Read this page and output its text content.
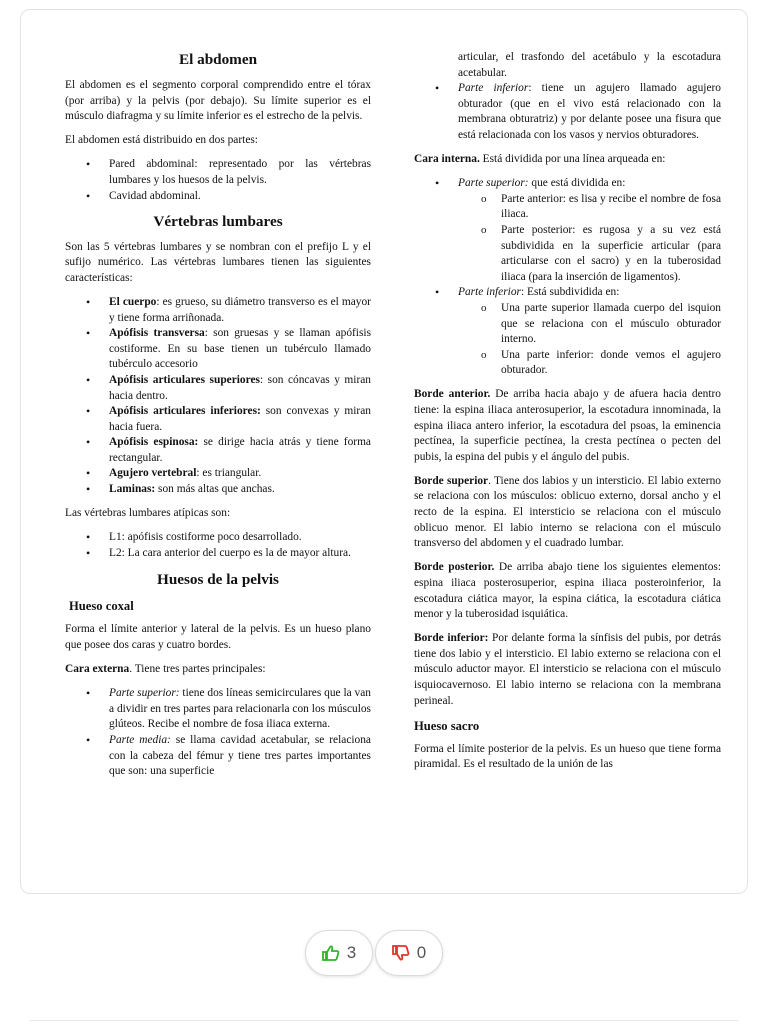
El abdomen

El abdomen es el segmento corporal comprendido entre el tórax (por arriba) y la pelvis (por debajo). Su límite superior es el músculo diafragma y su límite inferior es el estrecho de la pelvis.

El abdomen está distribuido en dos partes:

• Pared abdominal: representado por las vértebras lumbares y los huesos de la pelvis.
• Cavidad abdominal.
Vértebras lumbares

Son las 5 vértebras lumbares y se nombran con el prefijo L y el sufijo numérico. Las vértebras lumbares tienen las siguientes características:

• El cuerpo: es grueso, su diámetro transverso es el mayor y tiene forma arriñonada.
• Apófisis transversa: son gruesas y se llaman apófisis costiforme. En su base tienen un tubérculo llamado tubérculo accesorio
• Apófisis articulares superiores: son cóncavas y miran hacia dentro.
• Apófisis articulares inferiores: son convexas y miran hacia fuera.
• Apófisis espinosa: se dirige hacia atrás y tiene forma rectangular.
• Agujero vertebral: es triangular.
• Laminas: son más altas que anchas.

Las vértebras lumbares atípicas son:

• L1: apófisis costiforme poco desarrollado.
• L2: La cara anterior del cuerpo es la de mayor altura.
Huesos de la pelvis
Hueso coxal

Forma el límite anterior y lateral de la pelvis. Es un hueso plano que posee dos caras y cuatro bordes.

Cara externa. Tiene tres partes principales:

• Parte superior: tiene dos líneas semicirculares que la van a dividir en tres partes para relacionarla con los músculos glúteos. Recibe el nombre de fosa iliaca externa.
• Parte media: se llama cavidad acetabular, se relaciona con la cabeza del fémur y tiene tres partes importantes que son: una superficie
articular, el trasfondo del acetábulo y la escotadura acetabular.
• Parte inferior: tiene un agujero llamado agujero obturador (que en el vivo está relacionado con la membrana obturatriz) y por delante posee una fisura que está relacionada con los vasos y nervios obturadores.

Cara interna. Está dividida por una línea arqueada en:

• Parte superior: que está dividida en:
o Parte anterior: es lisa y recibe el nombre de fosa iliaca.
o Parte posterior: es rugosa y a su vez está subdividida en la superficie articular (para articularse con el sacro) y en la tuberosidad iliaca (para la inserción de ligamentos).
• Parte inferior: Está subdividida en:
o Una parte superior llamada cuerpo del isquion que se relaciona con el músculo obturador interno.
o Una parte inferior: donde vemos el agujero obturador.

Borde anterior. De arriba hacia abajo y de afuera hacia dentro tiene: la espina iliaca anterosuperior, la escotadura innominada, la espina iliaca antero inferior, la escotadura del psoas, la eminencia pectínea, la superficie pectínea, la cresta pectínea o pecten del pubis, la espina del pubis y el ángulo del pubis.

Borde superior. Tiene dos labios y un intersticio. El labio externo se relaciona con los músculos: oblicuo externo, dorsal ancho y el recto de la espina. El intersticio se relaciona con el músculo oblicuo menor. El labio interno se relaciona con el músculo transverso del abdomen y el cuadrado lumbar.

Borde posterior. De arriba abajo tiene los siguientes elementos: espina iliaca posterosuperior, espina iliaca posteroinferior, la escotadura ciática mayor, la espina ciática, la escotadura ciática menor y la tuberosidad isquiática.

Borde inferior: Por delante forma la sínfisis del pubis, por detrás tiene dos labio y el intersticio. El labio externo se relaciona con el músculo aductor mayor. El intersticio se relaciona con el músculo isquiocavernoso. El labio interno se relaciona con la membrana perineal.

Hueso sacro

Forma el límite posterior de la pelvis. Es un hueso que tiene forma piramidal. Es el resultado de la unión de las

3	0
